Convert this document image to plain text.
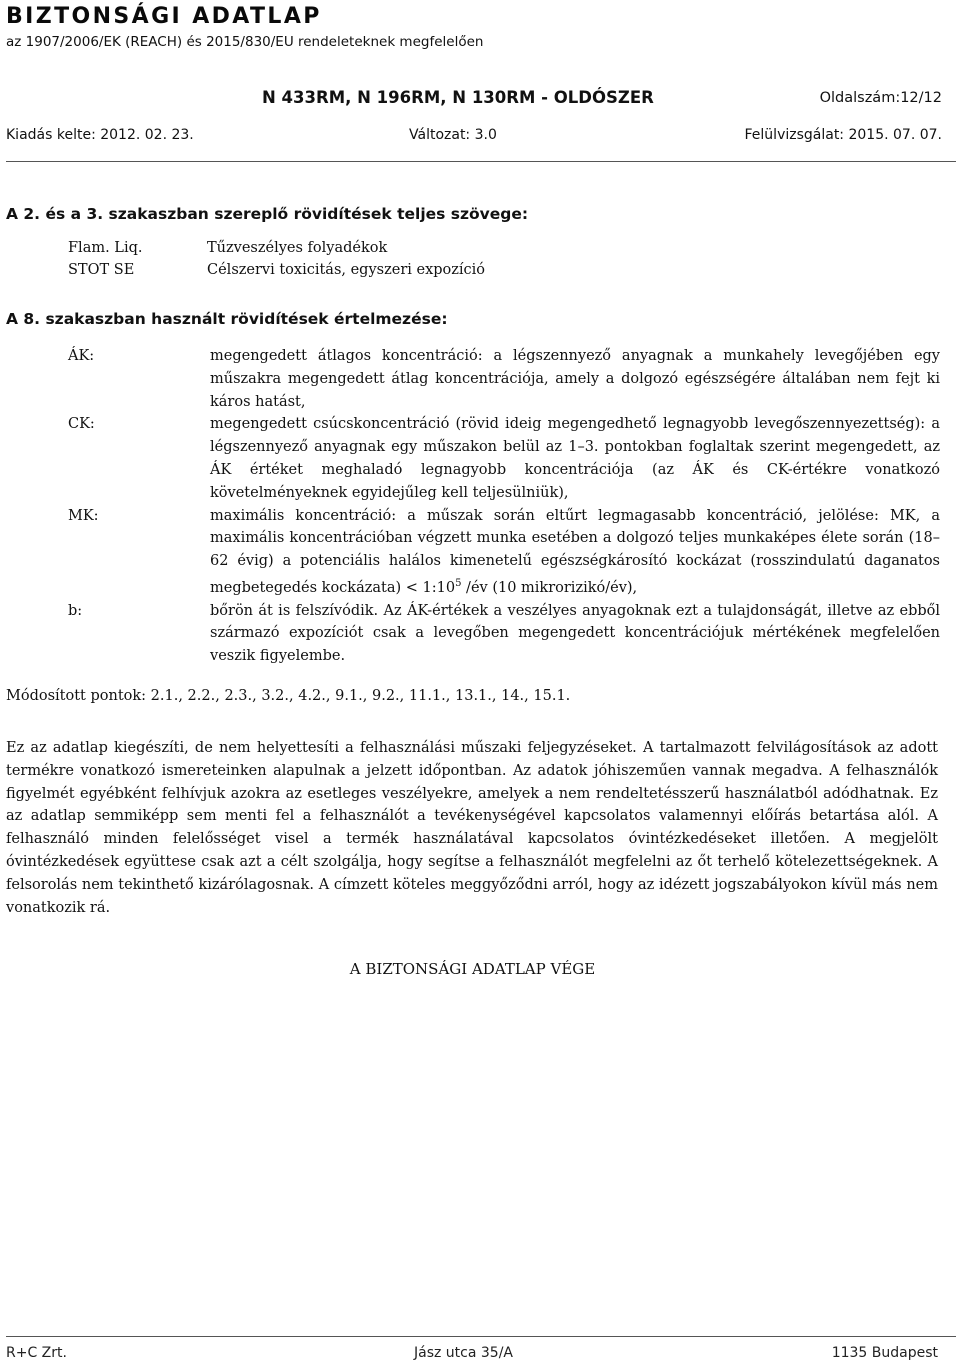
BIZTONSÁGI ADATLAP
az 1907/2006/EK (REACH) és 2015/830/EU rendeleteknek megfelelően
N 433RM, N 196RM, N 130RM - OLDÓSZER	Oldalszám:12/12
Kiadás kelte: 2012. 02. 23.	Változat: 3.0	Felülvizsgálat: 2015. 07. 07.
A 2. és a 3. szakaszban szereplő rövidítések teljes szövege:
Flam. Liq.	Tűzveszélyes folyadékok
STOT SE	Célszervi toxicitás, egyszeri expozíció
A 8. szakaszban használt rövidítések értelmezése:
ÁK:	megengedett átlagos koncentráció: a légszennyező anyagnak a munkahely levegőjében egy műszakra megengedett átlag koncentrációja, amely a dolgozó egészségére általában nem fejt ki káros hatást,
CK:	megengedett csúcskoncentráció (rövid ideig megengedhető legnagyobb levegőszennyezettség): a légszennyező anyagnak egy műszakon belül az 1–3. pontokban foglaltak szerint megengedett, az ÁK értéket meghaladó legnagyobb koncentrációja (az ÁK és CK-értékre vonatkozó követelményeknek egyidejűleg kell teljesülniük),
MK:	maximális koncentráció: a műszak során eltűrt legmagasabb koncentráció, jelölése: MK, a maximális koncentrációban végzett munka esetében a dolgozó teljes munkaképes élete során (18–62 évig) a potenciális halálos kimenetelű egészségkárosító kockázat (rosszindulatú daganatos megbetegedés kockázata) < $1:10^5$ /év (10 mikrorizikó/év),
b:	bőrön át is felszívódik. Az ÁK-értékek a veszélyes anyagoknak ezt a tulajdonságát, illetve az ebből származó expozíciót csak a levegőben megengedett koncentrációjuk mértékének megfelelően veszik figyelembe.
Módosított pontok: 2.1., 2.2., 2.3., 3.2., 4.2., 9.1., 9.2., 11.1., 13.1., 14., 15.1.
Ez az adatlap kiegészíti, de nem helyettesíti a felhasználási műszaki feljegyzéseket. A tartalmazott felvilágosítások az adott termékre vonatkozó ismereteinken alapulnak a jelzett időpontban. Az adatok jóhiszeműen vannak megadva. A felhasználók figyelmét egyébként felhívjuk azokra az esetleges veszélyekre, amelyek a nem rendeltetésszerű használatból adódhatnak. Ez az adatlap semmiképp sem menti fel a felhasználót a tevékenységével kapcsolatos valamennyi előírás betartása alól. A felhasználó minden felelősséget visel a termék használatával kapcsolatos óvintézkedéseket illetően. A megjelölt óvintézkedések együttese csak azt a célt szolgálja, hogy segítse a felhasználót megfelelni az őt terhelő kötelezettségeknek. A felsorolás nem tekinthető kizárólagosnak. A címzett köteles meggyőződni arról, hogy az idézett jogszabályokon kívül más nem vonatkozik rá.
A BIZTONSÁGI ADATLAP VÉGE
R+C Zrt.	Jász utca 35/A	1135 Budapest
